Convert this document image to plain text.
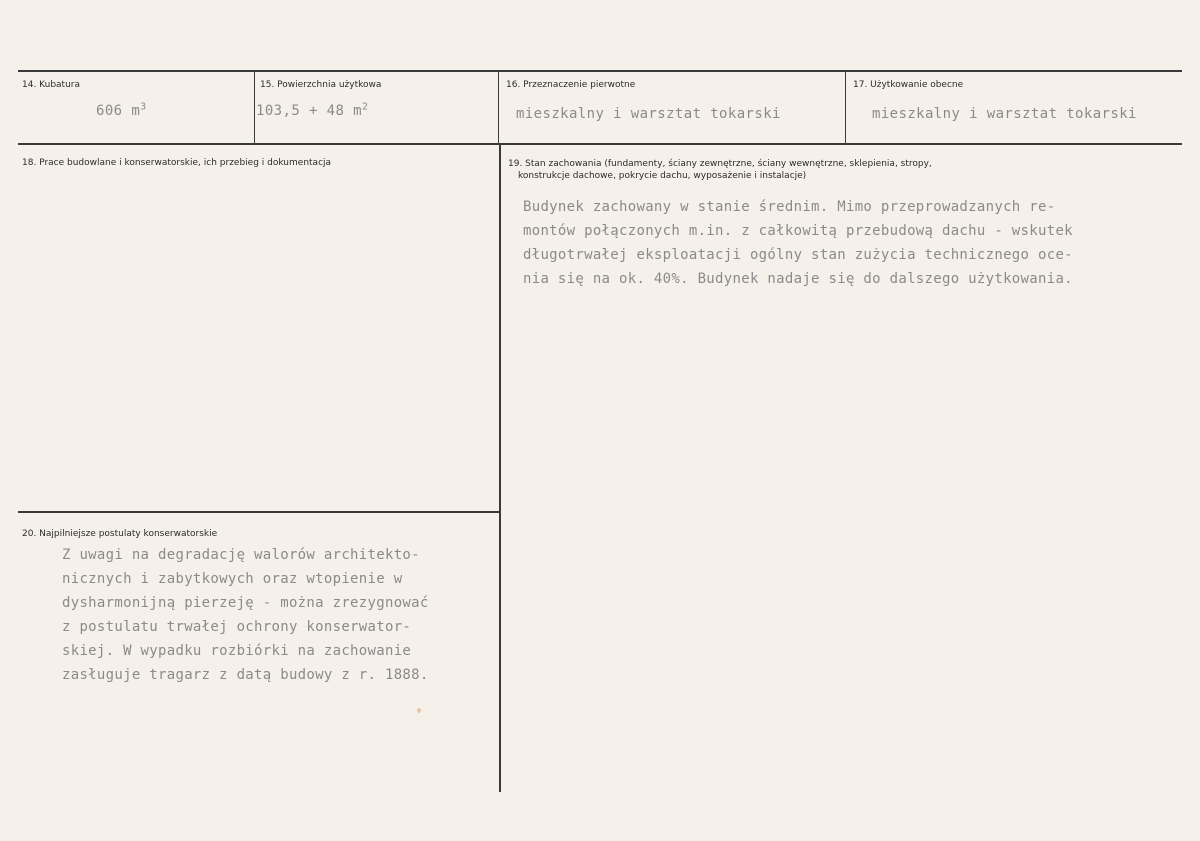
14. Kubatura
606 $m^3$
15. Powierzchnia użytkowa
103,5 + 48 $m^2$
16. Przeznaczenie pierwotne
mieszkalny i warsztat tokarski
17. Użytkowanie obecne
mieszkalny i warsztat tokarski
18. Prace budowlane i konserwatorskie, ich przebieg i dokumentacja	19. Stan zachowania (fundamenty, ściany zewnętrzne, ściany wewnętrzne, sklepienia, stropy,
konstrukcje dachowe, pokrycie dachu, wyposażenie i instalacje)
Budynek zachowany w stanie średnim. Mimo przeprowadzanych re-
montów połączonych m.in. z całkowitą przebudową dachu - wskutek
długotrwałej eksploatacji ogólny stan zużycia technicznego oce-
nia się na ok. 40%. Budynek nadaje się do dalszego użytkowania.
20. Najpilniejsze postulaty konserwatorskie
Z uwagi na degradację walorów architekto-
nicznych i zabytkowych oraz wtopienie w
dysharmonijną pierzeję - można zrezygnować
z postulatu trwałej ochrony konserwator-
skiej. W wypadku rozbiórki na zachowanie
zasługuje tragarz z datą budowy z r. 1888.
